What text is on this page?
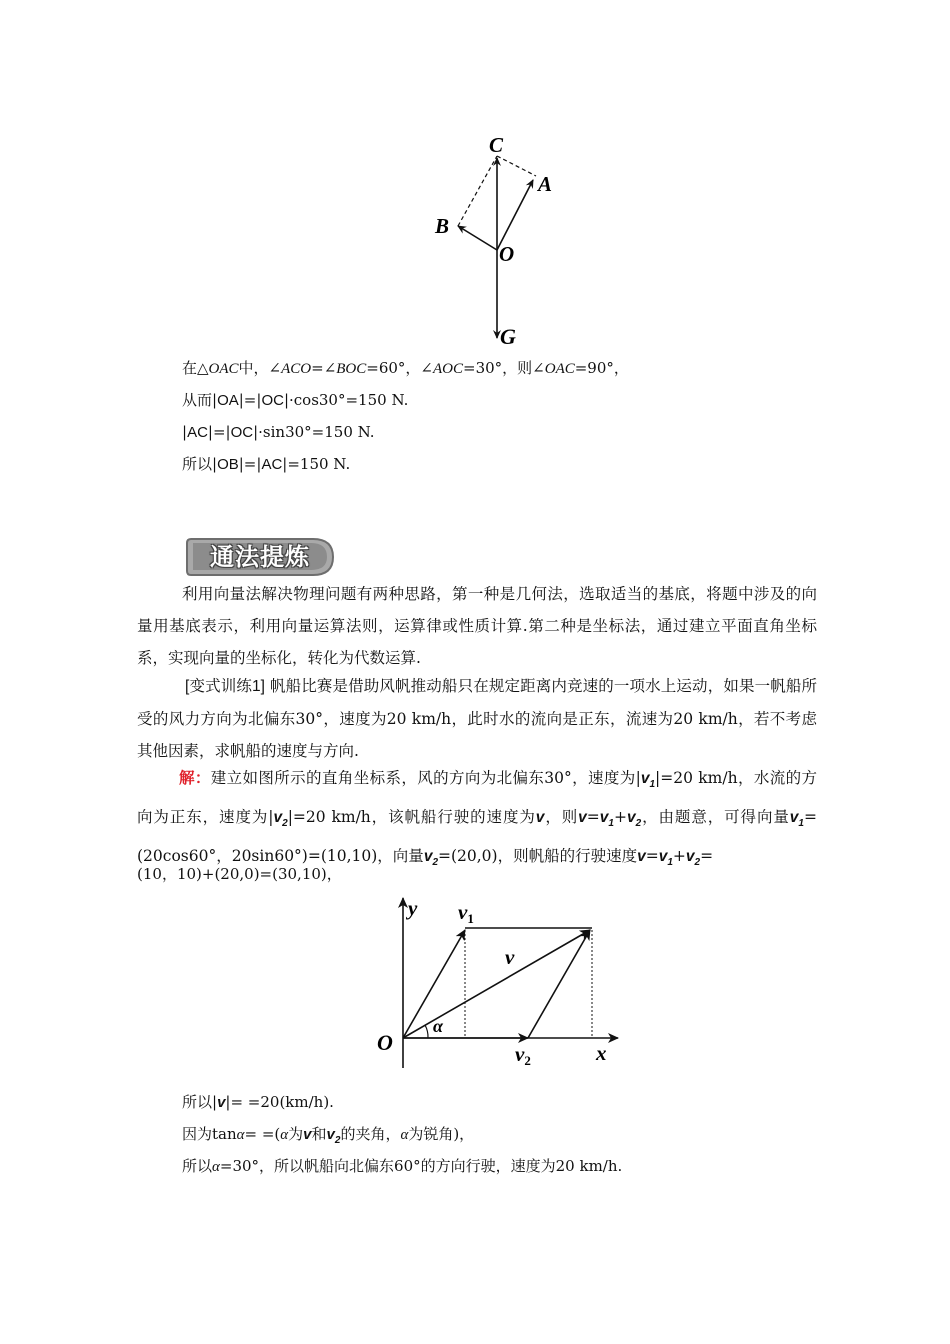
C
A
B
O
G
在△OAC中，∠ACO=∠BOC=60°，∠AOC=30°，则∠OAC=90°，
从而|OA|=|OC|·cos30°=150 N.
|AC|=|OC|·sin30°=150 N.
所以|OB|=|AC|=150 N.
通法提炼
利用向量法解决物理问题有两种思路，第一种是几何法，选取适当的基底，将题中涉及的向量用基底表示，利用向量运算法则，运算律或性质计算.第二种是坐标法，通过建立平面直角坐标系，实现向量的坐标化，转化为代数运算.
[变式训练1] 帆船比赛是借助风帆推动船只在规定距离内竞速的一项水上运动，如果一帆船所受的风力方向为北偏东30°，速度为20 km/h，此时水的流向是正东，流速为20 km/h，若不考虑其他因素，求帆船的速度与方向.
解：建立如图所示的直角坐标系，风的方向为北偏东30°，速度为$|v_1|=20$ km/h，水流的方向为正东，速度为$|v_2|=20$ km/h，该帆船行驶的速度为v，则$v=v_1+v_2$，由题意，可得向量$v_1=(20\cos 60^\circ$，20sin60°)=(10,10)，向量$v_2=(20,0)$，则帆船的行驶速度$v=v_1+v_2=$
(10，10)+(20,0)=(30,10)，
y
x
O
α
v
v1
v2
所以|v|= =20(km/h).
因为tanα= =(α为v和$v_2$的夹角，α为锐角)，
所以α=30°，所以帆船向北偏东60°的方向行驶，速度为20 km/h.
